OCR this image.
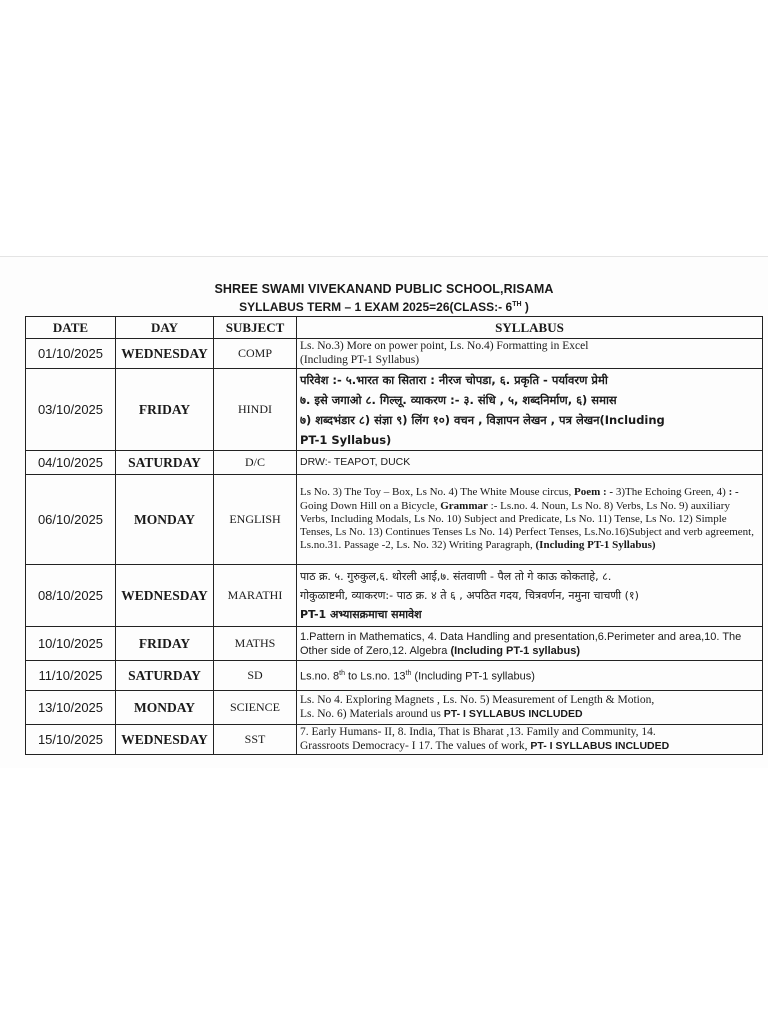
SHREE SWAMI VIVEKANAND PUBLIC SCHOOL,RISAMA
SYLLABUS TERM – 1 EXAM 2025=26(CLASS:- 6TH )
DATE	DAY	SUBJECT	SYLLABUS
01/10/2025	WEDNESDAY	COMP	Ls. No.3) More on power point, Ls. No.4) Formatting in Excel
(Including PT-1 Syllabus)
03/10/2025	FRIDAY	HINDI	परिवेश :- ५.भारत का सितारा : नीरज चोपडा, ६. प्रकृति - पर्यावरण प्रेमी
७. इसे जगाओ ८. गिल्लू. व्याकरण :- ३. संधि , ५, शब्दनिर्माण, ६) समास
७) शब्दभंडार ८) संज्ञा ९) लिंग १०) वचन , विज्ञापन लेखन , पत्र लेखन(Including
PT-1 Syllabus)
04/10/2025	SATURDAY	D/C	DRW:- TEAPOT, DUCK
06/10/2025	MONDAY	ENGLISH	Ls No. 3) The Toy – Box, Ls No. 4) The White Mouse circus, Poem : - 3)The Echoing Green, 4) : - Going Down Hill on a Bicycle, Grammar :- Ls.no. 4. Noun, Ls No. 8) Verbs, Ls No. 9) auxiliary Verbs, Including Modals, Ls No. 10) Subject and Predicate, Ls No. 11) Tense, Ls No. 12) Simple Tenses, Ls No. 13) Continues Tenses Ls No. 14) Perfect Tenses, Ls.No.16)Subject and verb agreement, Ls.no.31. Passage -2, Ls. No. 32) Writing Paragraph, (Including PT-1 Syllabus)
08/10/2025	WEDNESDAY	MARATHI	पाठ क्र. ५. गुरुकुल,६. थोरली आई,७. संतवाणी - पैल तो गे काऊ कोकताहे, ८.
गोकुळाष्टमी, व्याकरण:- पाठ क्र. ४ ते ६ , अपठित गदय, चित्रवर्णन, नमुना चाचणी (१)
PT-1 अभ्यासक्रमाचा समावेश
10/10/2025	FRIDAY	MATHS	1.Pattern in Mathematics, 4. Data Handling and presentation,6.Perimeter and area,10. The Other side of Zero,12. Algebra (Including PT-1 syllabus)
11/10/2025	SATURDAY	SD	Ls.no. 8th to Ls.no. 13th (Including PT-1 syllabus)
13/10/2025	MONDAY	SCIENCE	Ls. No 4. Exploring Magnets , Ls. No. 5) Measurement of Length & Motion,
Ls. No. 6) Materials around us PT- I SYLLABUS INCLUDED
15/10/2025	WEDNESDAY	SST	7. Early Humans- II, 8. India, That is Bharat ,13. Family and Community, 14.
Grassroots Democracy- I 17. The values of work, PT- I SYLLABUS INCLUDED
